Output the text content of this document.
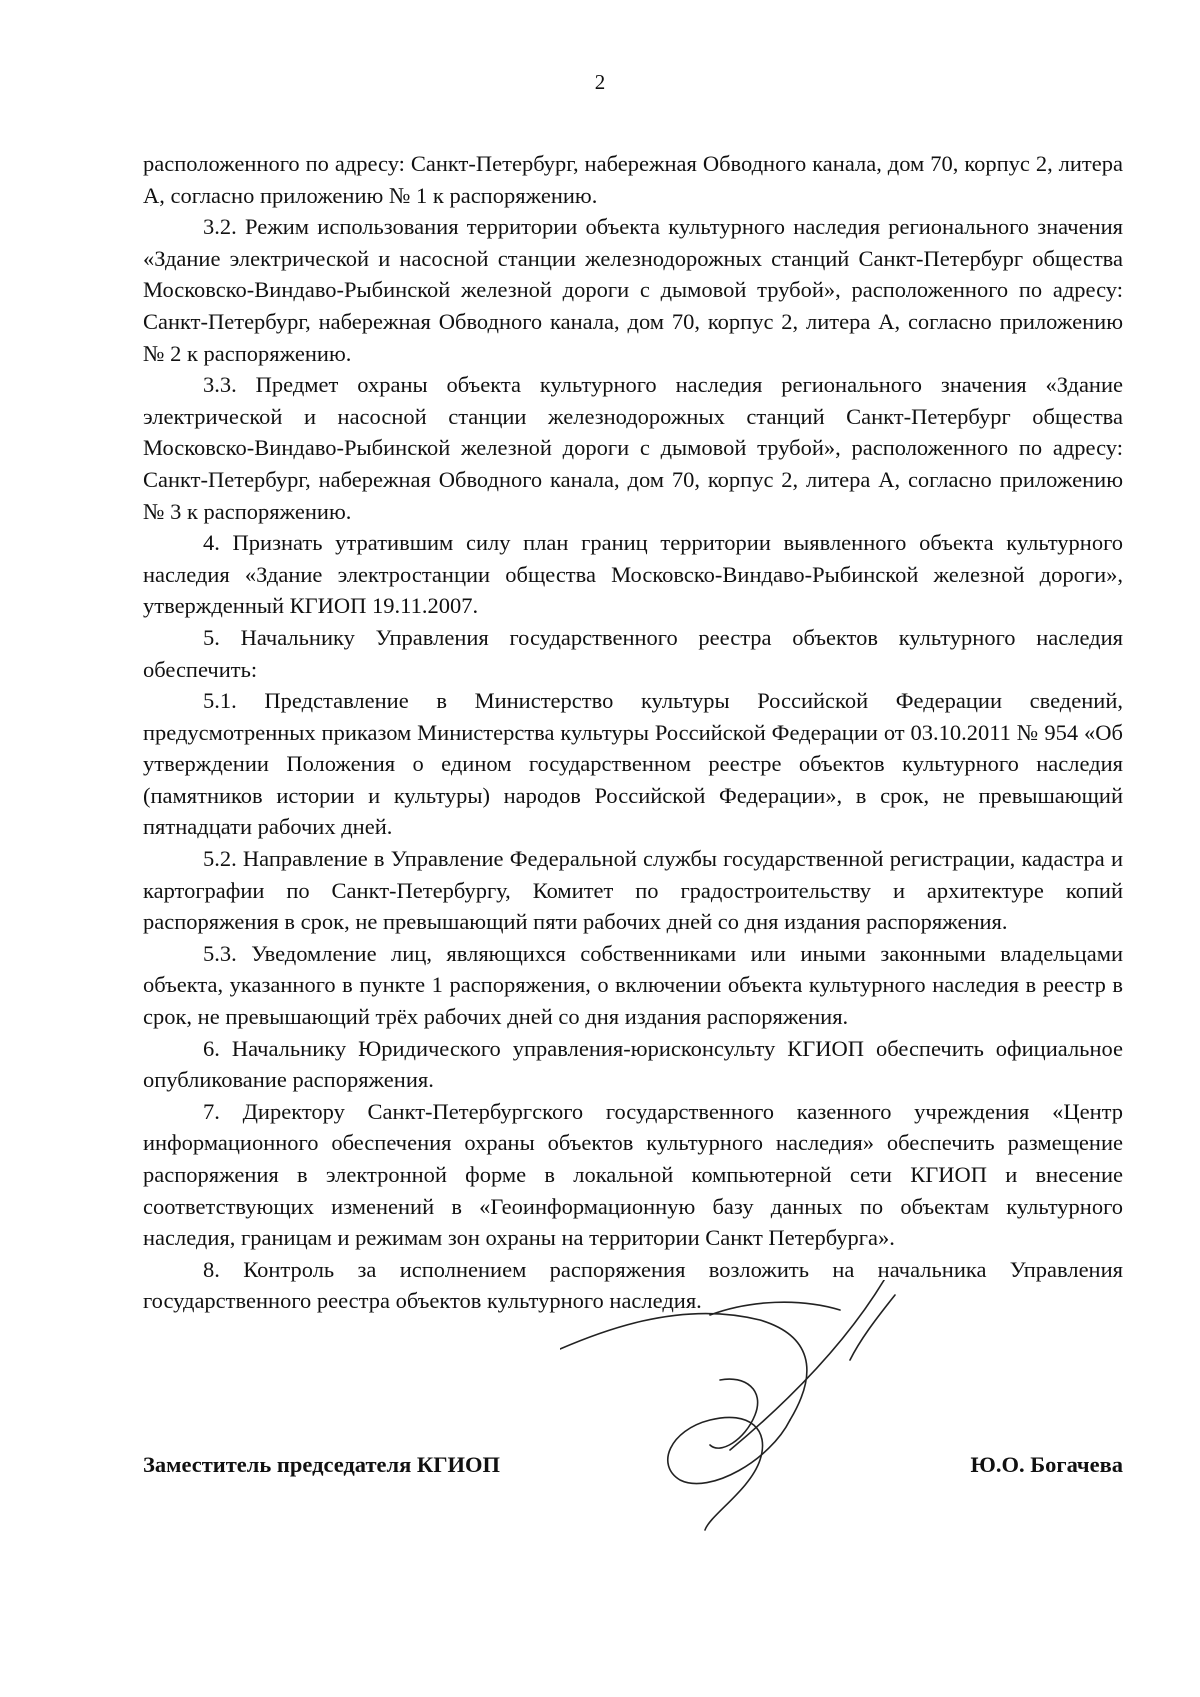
2

расположенного по адресу: Санкт-Петербург, набережная Обводного канала, дом 70, корпус 2, литера А, согласно приложению № 1 к распоряжению.

3.2. Режим использования территории объекта культурного наследия регионального значения «Здание электрической и насосной станции железнодорожных станций Санкт-Петербург общества Московско-Виндаво-Рыбинской железной дороги с дымовой трубой», расположенного по адресу: Санкт-Петербург, набережная Обводного канала, дом 70, корпус 2, литера А, согласно приложению № 2 к распоряжению.

3.3. Предмет охраны объекта культурного наследия регионального значения «Здание электрической и насосной станции железнодорожных станций Санкт-Петербург общества Московско-Виндаво-Рыбинской железной дороги с дымовой трубой», расположенного по адресу: Санкт-Петербург, набережная Обводного канала, дом 70, корпус 2, литера А, согласно приложению № 3 к распоряжению.

4. Признать утратившим силу план границ территории выявленного объекта культурного наследия «Здание электростанции общества Московско-Виндаво-Рыбинской железной дороги», утвержденный КГИОП 19.11.2007.

5. Начальнику Управления государственного реестра объектов культурного наследия обеспечить:

5.1. Представление в Министерство культуры Российской Федерации сведений, предусмотренных приказом Министерства культуры Российской Федерации от 03.10.2011 № 954 «Об утверждении Положения о едином государственном реестре объектов культурного наследия (памятников истории и культуры) народов Российской Федерации», в срок, не превышающий пятнадцати рабочих дней.

5.2. Направление в Управление Федеральной службы государственной регистрации, кадастра и картографии по Санкт-Петербургу, Комитет по градостроительству и архитектуре копий распоряжения в срок, не превышающий пяти рабочих дней со дня издания распоряжения.

5.3. Уведомление лиц, являющихся собственниками или иными законными владельцами объекта, указанного в пункте 1 распоряжения, о включении объекта культурного наследия в реестр в срок, не превышающий трёх рабочих дней со дня издания распоряжения.

6. Начальнику Юридического управления-юрисконсульту КГИОП обеспечить официальное опубликование распоряжения.

7. Директору Санкт-Петербургского государственного казенного учреждения «Центр информационного обеспечения охраны объектов культурного наследия» обеспечить размещение распоряжения в электронной форме в локальной компьютерной сети КГИОП и внесение соответствующих изменений в «Геоинформационную базу данных по объектам культурного наследия, границам и режимам зон охраны на территории Санкт Петербурга».

8. Контроль за исполнением распоряжения возложить на начальника Управления государственного реестра объектов культурного наследия.

Заместитель председателя КГИОП	Ю.О. Богачева
